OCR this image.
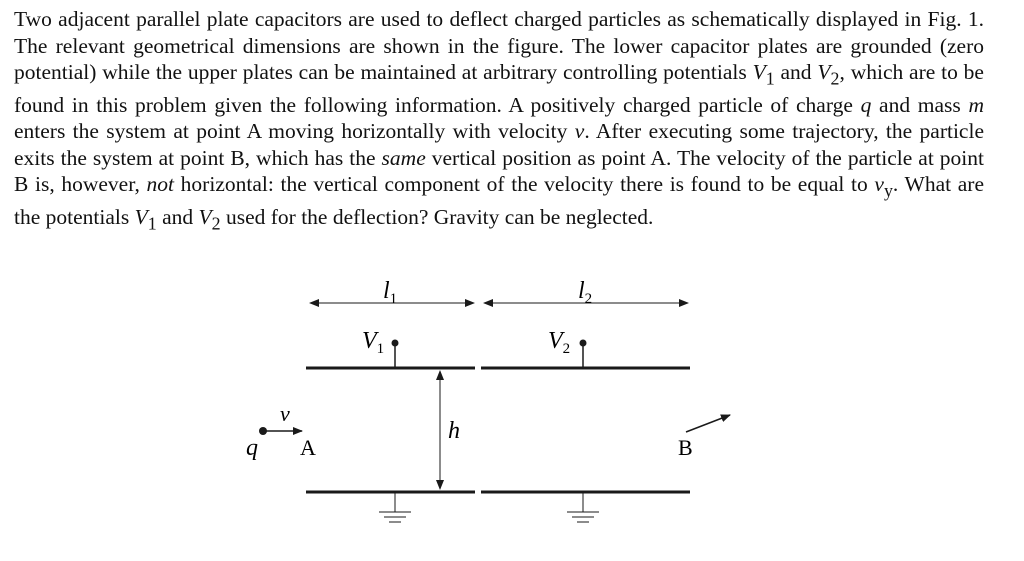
Two adjacent parallel plate capacitors are used to deflect charged particles as schematically displayed in Fig. 1. The relevant geometrical dimensions are shown in the figure. The lower capacitor plates are grounded (zero potential) while the upper plates can be maintained at arbitrary controlling potentials $V_1$ and $V_2$, which are to be found in this problem given the following information. A positively charged particle of charge q and mass m enters the system at point A moving horizontally with velocity v. After executing some trajectory, the particle exits the system at point B, which has the same vertical position as point A. The velocity of the particle at point B is, however, not horizontal: the vertical component of the velocity there is found to be equal to $v_y$. What are the potentials $V_1$ and $V_2$ used for the deflection? Gravity can be neglected.
$l_1$	$l_2$
$V_1$	$V_2$
h
v
q A	B
